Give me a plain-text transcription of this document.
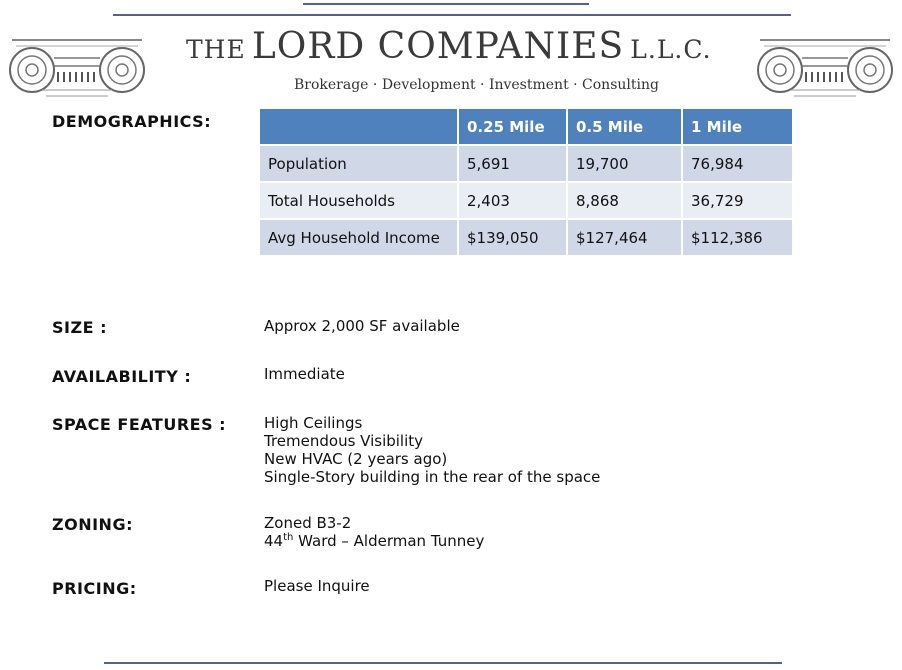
THE LORD COMPANIES L.L.C.
Brokerage · Development · Investment · Consulting
DEMOGRAPHICS:
		0.25 Mile	0.5 Mile	1 Mile
Population	5,691	19,700	76,984
Total Households	2,403	8,868	36,729
Avg Household Income	$139,050	$127,464	$112,386
SIZE :	Approx 2,000 SF available
AVAILABILITY :	Immediate
SPACE FEATURES :	High Ceilings
Tremendous Visibility
New HVAC (2 years ago)
Single-Story building in the rear of the space
ZONING:	Zoned B3-2
44th Ward – Alderman Tunney
PRICING:	Please Inquire
